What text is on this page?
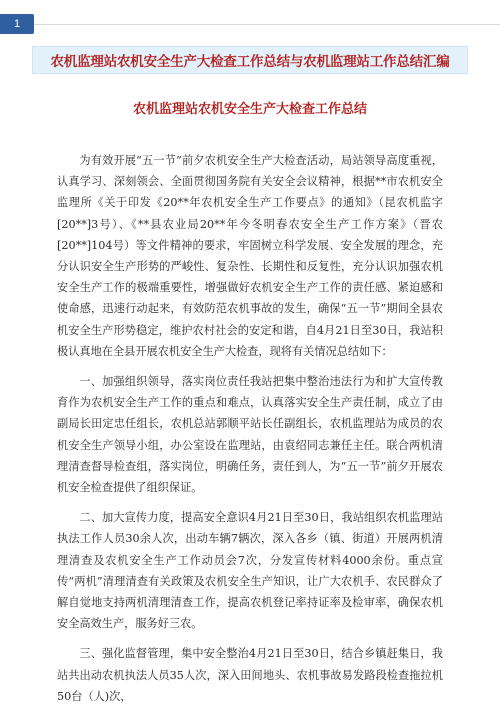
1
农机监理站农机安全生产大检查工作总结与农机监理站工作总结汇编
农机监理站农机安全生产大检查工作总结

为有效开展“五一节”前夕农机安全生产大检查活动，局站领导高度重视，认真学习、深刻领会、全面贯彻国务院有关安全会议精神，根据**市农机安全监理所《关于印发《20**年农机安全生产工作要点》的通知》（昆农机监字[20**]3号）、《**县农业局20**年今冬明春农安全生产工作方案》（晋农[20**]104号）等文件精神的要求，牢固树立科学发展、安全发展的理念，充分认识安全生产形势的严峻性、复杂性、长期性和反复性，充分认识加强农机安全生产工作的极端重要性，增强做好农机安全生产工作的责任感、紧迫感和使命感，迅速行动起来，有效防范农机事故的发生，确保“五一节”期间全县农机安全生产形势稳定，维护农村社会的安定和谐，自4月21日至30日，我站积极认真地在全县开展农机安全生产大检查，现将有关情况总结如下：

一、加强组织领导，落实岗位责任我站把集中整治违法行为和扩大宣传教育作为农机安全生产工作的重点和难点，认真落实安全生产责任制，成立了由副局长田定忠任组长，农机总站郭顺平站长任副组长，农机监理站为成员的农机安全生产领导小组，办公室设在监理站，由袁绍同志兼任主任。联合两机清理清查督导检查组，落实岗位，明确任务，责任到人，为“五一节”前夕开展农机安全检查提供了组织保证。

二、加大宣传力度，提高安全意识4月21日至30日，我站组织农机监理站执法工作人员30余人次，出动车辆7辆次，深入各乡（镇、街道）开展两机清理清查及农机安全生产工作动员会7次，分发宣传材料4000余份。重点宣传“两机”清理清查有关政策及农机安全生产知识，让广大农机手、农民群众了解自觉地支持两机清理清查工作，提高农机登记率持证率及检审率，确保农机安全高效生产，服务好三农。

三、强化监督管理，集中安全整治4月21日至30日，结合乡镇赶集日，我站共出动农机执法人员35人次，深入田间地头、农机事故易发路段检查拖拉机50台（人)次，
